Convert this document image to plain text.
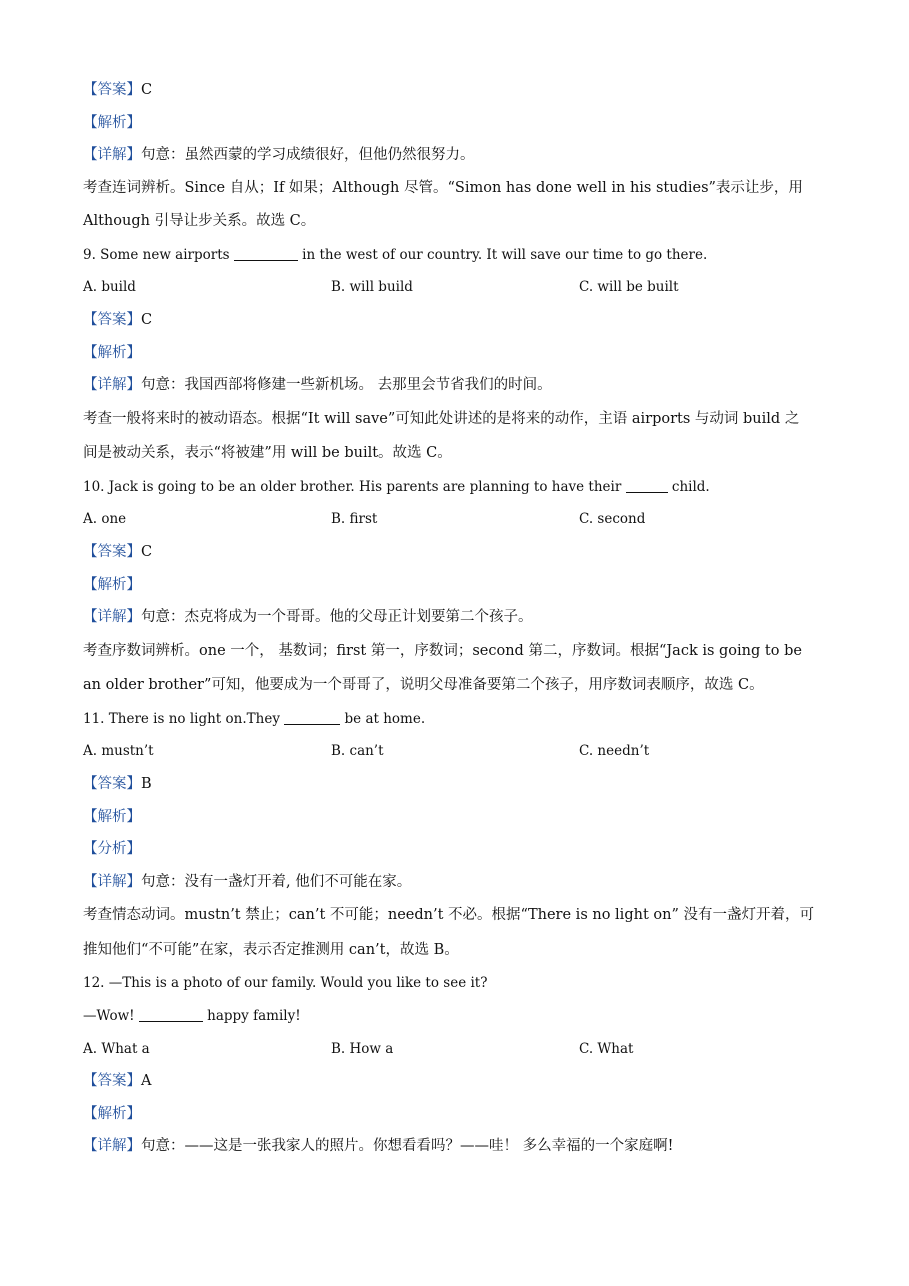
【答案】C
【解析】
【详解】句意：虽然西蒙的学习成绩很好，但他仍然很努力。
考查连词辨析。Since 自从；If 如果；Although 尽管。“Simon has done well in his studies”表示让步，用
Although 引导让步关系。故选 C。
9. Some new airports	in the west of our country. It will save our time to go there.
A. build	B. will build	C. will be built
【答案】C
【解析】
【详解】句意：我国西部将修建一些新机场。 去那里会节省我们的时间。
考查一般将来时的被动语态。根据“It will save”可知此处讲述的是将来的动作，主语 airports 与动词 build 之
间是被动关系，表示“将被建”用 will be built。故选 C。
10. Jack is going to be an older brother. His parents are planning to have their	child.
A. one	B. first	C. second
【答案】C
【解析】
【详解】句意：杰克将成为一个哥哥。他的父母正计划要第二个孩子。
考查序数词辨析。one 一个， 基数词；first 第一，序数词；second 第二，序数词。根据“Jack is going to be
an older brother”可知，他要成为一个哥哥了，说明父母准备要第二个孩子，用序数词表顺序，故选 C。
11. There is no light on.They	be at home.
A. mustn’t	B. can’t	C. needn’t
【答案】B
【解析】
【分析】
【详解】句意：没有一盏灯开着, 他们不可能在家。
考查情态动词。mustn’t 禁止；can’t 不可能；needn’t 不必。根据“There is no light on” 没有一盏灯开着，可
推知他们“不可能”在家，表示否定推测用 can’t，故选 B。
12. —This is a photo of our family. Would you like to see it?
—Wow!	happy family!
A. What a	B. How a	C. What
【答案】A
【解析】
【详解】句意：——这是一张我家人的照片。你想看看吗？——哇！ 多么幸福的一个家庭啊!
